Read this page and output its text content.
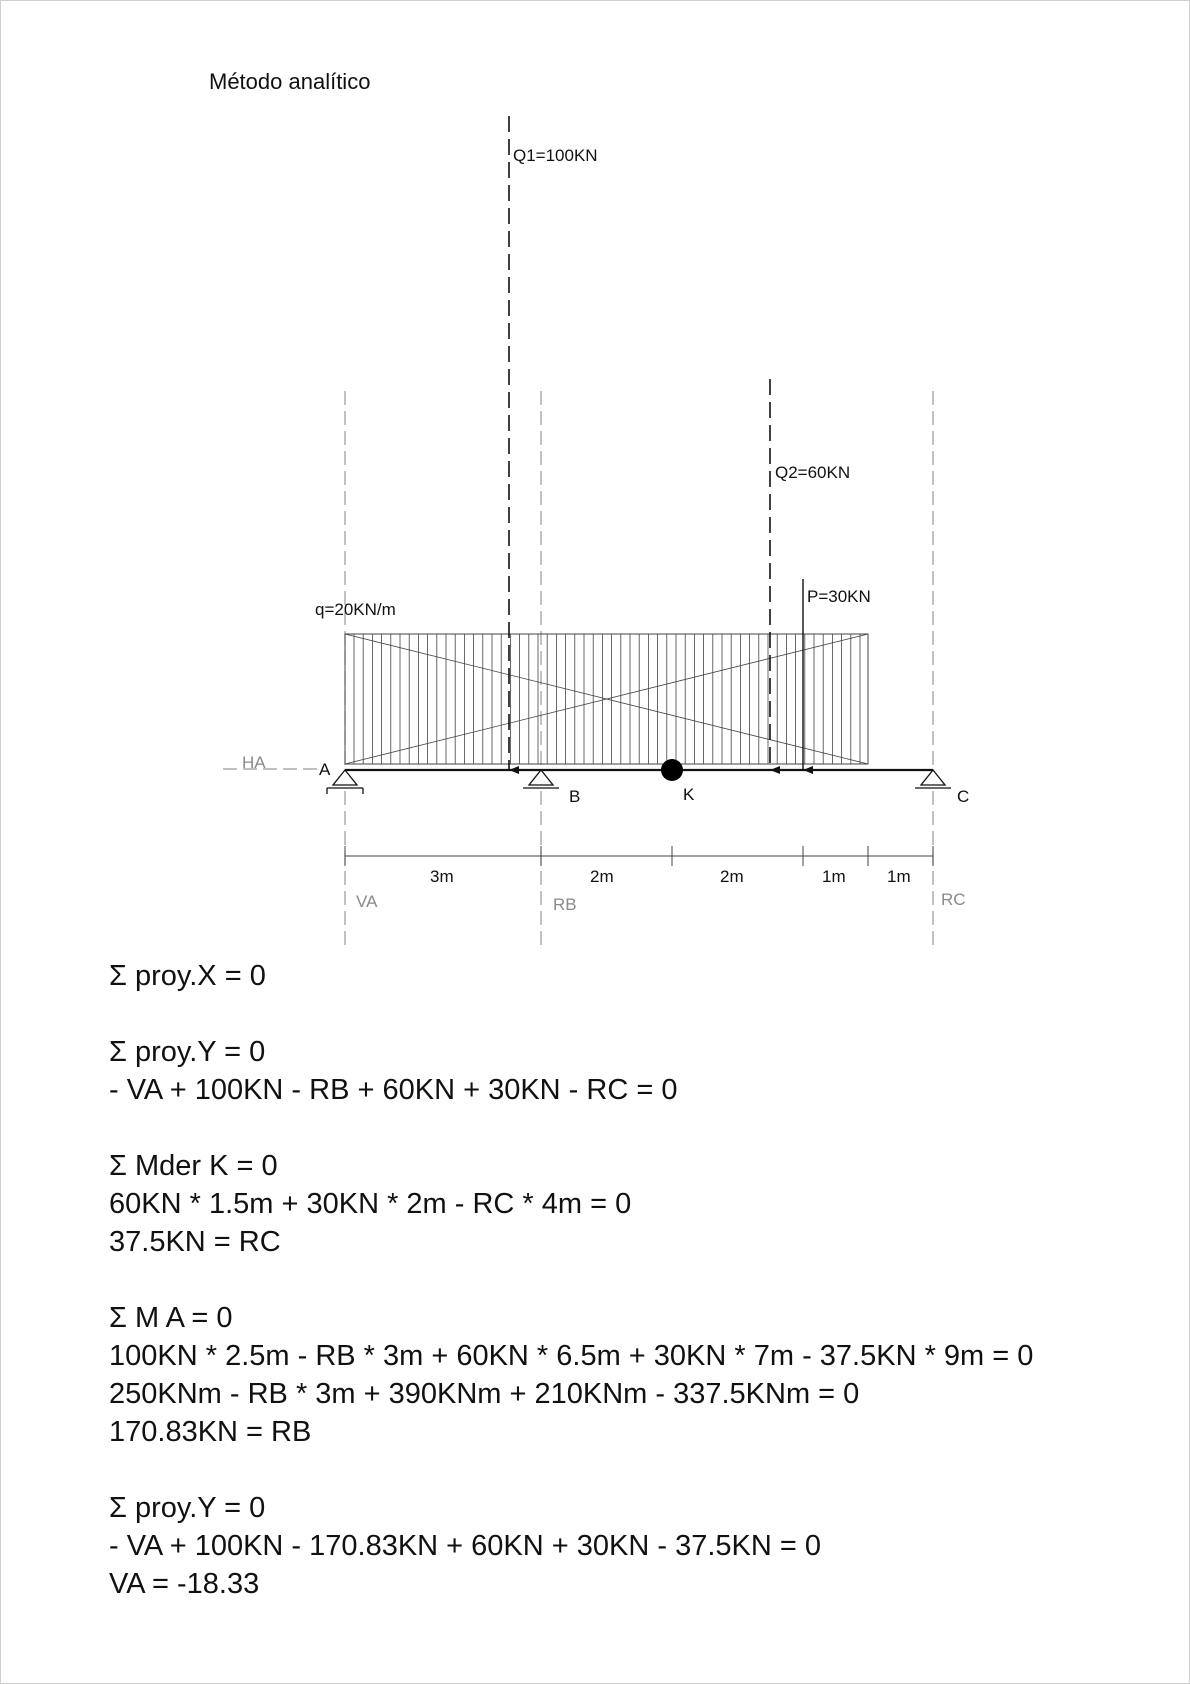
Método analítico
Q1=100KN
Q2=60KN
P=30KN
q=20KN/m
A
B	K	C
HA
VA	RB	RC
3m	2m	2m	1m 1m
Σ proy.X = 0
Σ proy.Y = 0
- VA + 100KN - RB + 60KN + 30KN - RC = 0
Σ Mder K = 0
60KN * 1.5m + 30KN * 2m - RC * 4m = 0
37.5KN = RC
Σ M A = 0
100KN * 2.5m - RB * 3m + 60KN * 6.5m + 30KN * 7m - 37.5KN * 9m = 0
250KNm - RB * 3m + 390KNm + 210KNm - 337.5KNm = 0
170.83KN = RB
Σ proy.Y = 0
- VA + 100KN - 170.83KN + 60KN + 30KN - 37.5KN = 0
VA = -18.33
